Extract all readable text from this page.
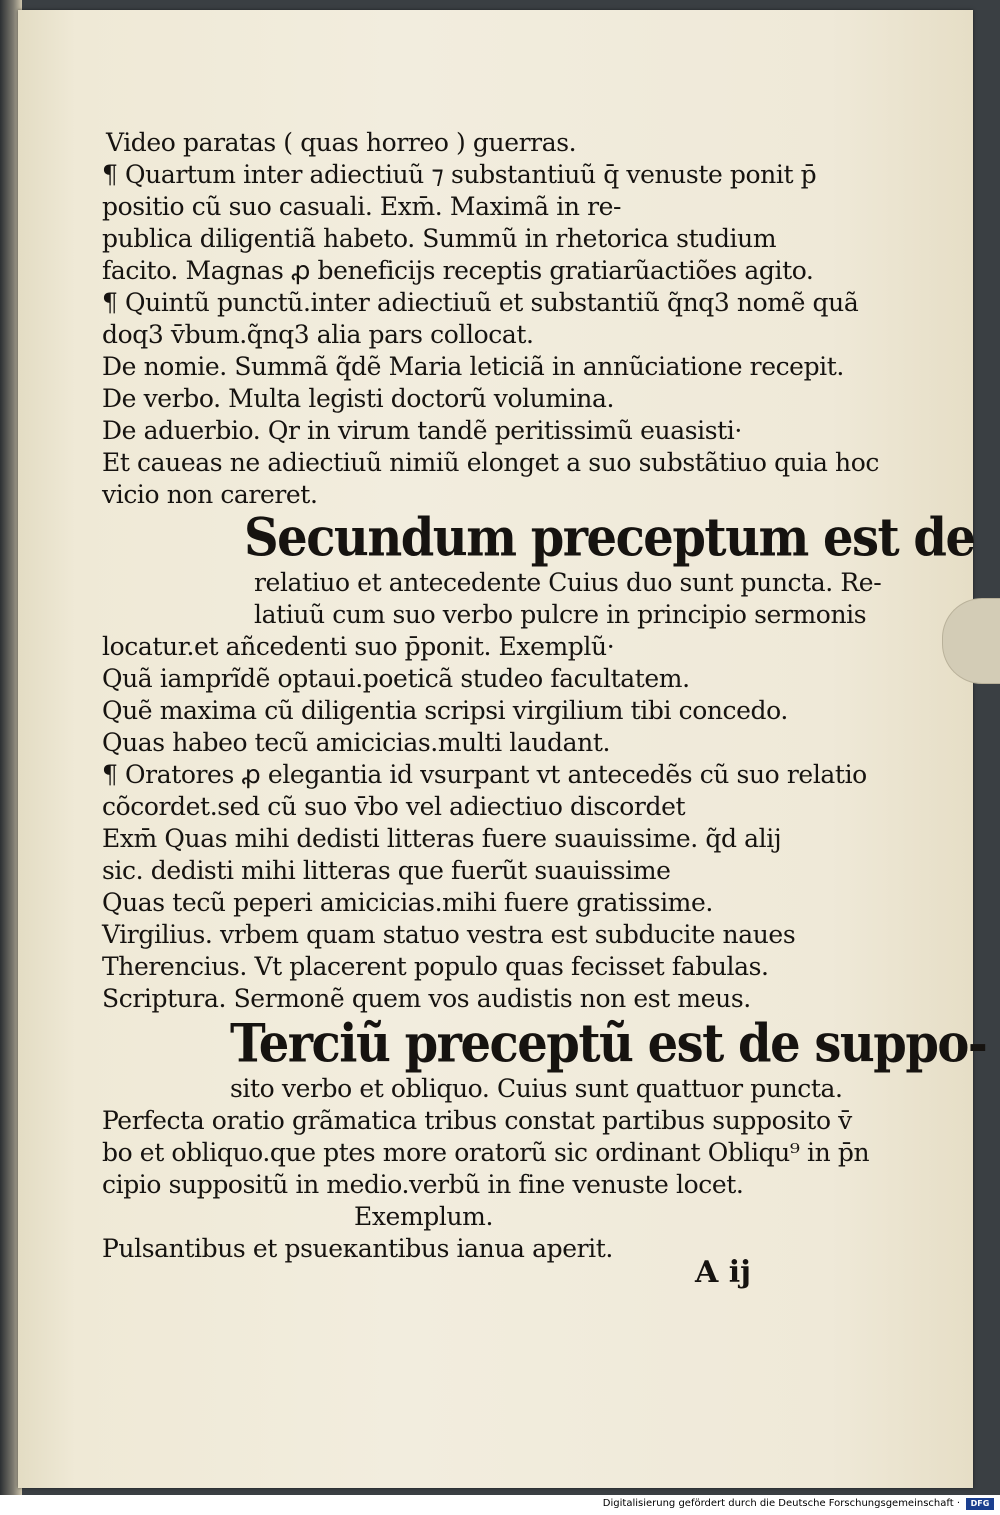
Video paratas ( quas horreo ) guerras.
¶ Quartum inter adiectiuũ ⁊ substantiuũ q̄ venuste ponit p̄
positio cũ suo casuali. Exm̄. Maximã in re-
publica diligentiã habeto. Summũ in rhetorica studium
facito. Magnas ꝓ beneficijs receptis gratiarũactiões agito.
¶ Quintũ punctũ.inter adiectiuũ et substantiũ q̃nq3 nomẽ quã
doq3 v̄bum.q̃nq3 alia pars collocat.
De nomie. Summã q̃dẽ Maria leticiã in annũciatione recepit.
De verbo. Multa legisti doctorũ volumina.
De aduerbio. Qr in virum tandẽ peritissimũ euasisti·
Et caueas ne adiectiuũ nimiũ elonget a suo substãtiuo quia hoc
vicio non careret.
Secundum preceptum est de
relatiuo et antecedente Cuius duo sunt puncta. Re-
latiuũ cum suo verbo pulcre in principio sermonis
locatur.et añcedenti suo p̄ponit. Exemplũ·
Quã iamprĩdẽ optaui.poeticã studeo facultatem.
Quẽ maxima cũ diligentia scripsi virgilium tibi concedo.
Quas habeo tecũ amicicias.multi laudant.
¶ Oratores ꝓ elegantia id vsurpant vt antecedẽs cũ suo relatio
cõcordet.sed cũ suo v̄bo vel adiectiuo discordet
Exm̄ Quas mihi dedisti litteras fuere suauissime. q̃d alij
sic. dedisti mihi litteras que fuerũt suauissime
Quas tecũ peperi amicicias.mihi fuere gratissime.
Virgilius. vrbem quam statuo vestra est subducite naues
Therencius. Vt placerent populo quas fecisset fabulas.
Scriptura. Sermonẽ quem vos audistis non est meus.
Terciũ preceptũ est de suppo-
sito verbo et obliquo. Cuius sunt quattuor puncta.
Perfecta oratio grãmatica tribus constat partibus supposito v̄
bo et obliquo.que ptes more oratorũ sic ordinant Obliqu⁹ in p̄n
cipio suppositũ in medio.verbũ in fine venuste locet.
Exemplum.
Pulsantibus et psueкantibus ianua aperit.
A ij
Digitalisierung gefördert durch die Deutsche Forschungsgemeinschaft ·	DFG
